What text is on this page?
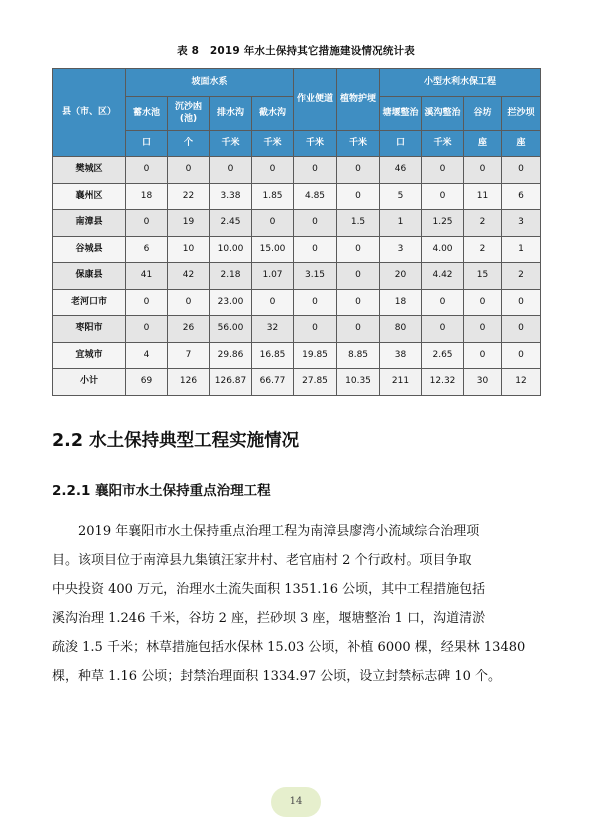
表 8　2019 年水土保持其它措施建设情况统计表
县（市、区）	坡面水系				作业便道	植物护埂	小型水利水保工程			
	蓄水池	沉沙凼(池)	排水沟	截水沟			塘堰整治	溪沟整治	谷坊	拦沙坝
	口	个	千米	千米	千米	千米	口	千米	座	座
樊城区	0	0	0	0	0	0	46	0	0	0
襄州区	18	22	3.38	1.85	4.85	0	5	0	11	6
南漳县	0	19	2.45	0	0	1.5	1	1.25	2	3
谷城县	6	10	10.00	15.00	0	0	3	4.00	2	1
保康县	41	42	2.18	1.07	3.15	0	20	4.42	15	2
老河口市	0	0	23.00	0	0	0	18	0	0	0
枣阳市	0	26	56.00	32	0	0	80	0	0	0
宜城市	4	7	29.86	16.85	19.85	8.85	38	2.65	0	0
小计	69	126	126.87	66.77	27.85	10.35	211	12.32	30	12
2.2 水土保持典型工程实施情况
2.2.1 襄阳市水土保持重点治理工程

2019 年襄阳市水土保持重点治理工程为南漳县廖湾小流域综合治理项
目。该项目位于南漳县九集镇汪家井村、老官庙村 2 个行政村。项目争取
中央投资 400 万元，治理水土流失面积 1351.16 公顷，其中工程措施包括
溪沟治理 1.246 千米，谷坊 2 座，拦砂坝 3 座，堰塘整治 1 口，沟道清淤
疏浚 1.5 千米；林草措施包括水保林 15.03 公顷，补植 6000 棵，经果林 13480
棵，种草 1.16 公顷；封禁治理面积 1334.97 公顷，设立封禁标志碑 10 个。

14
